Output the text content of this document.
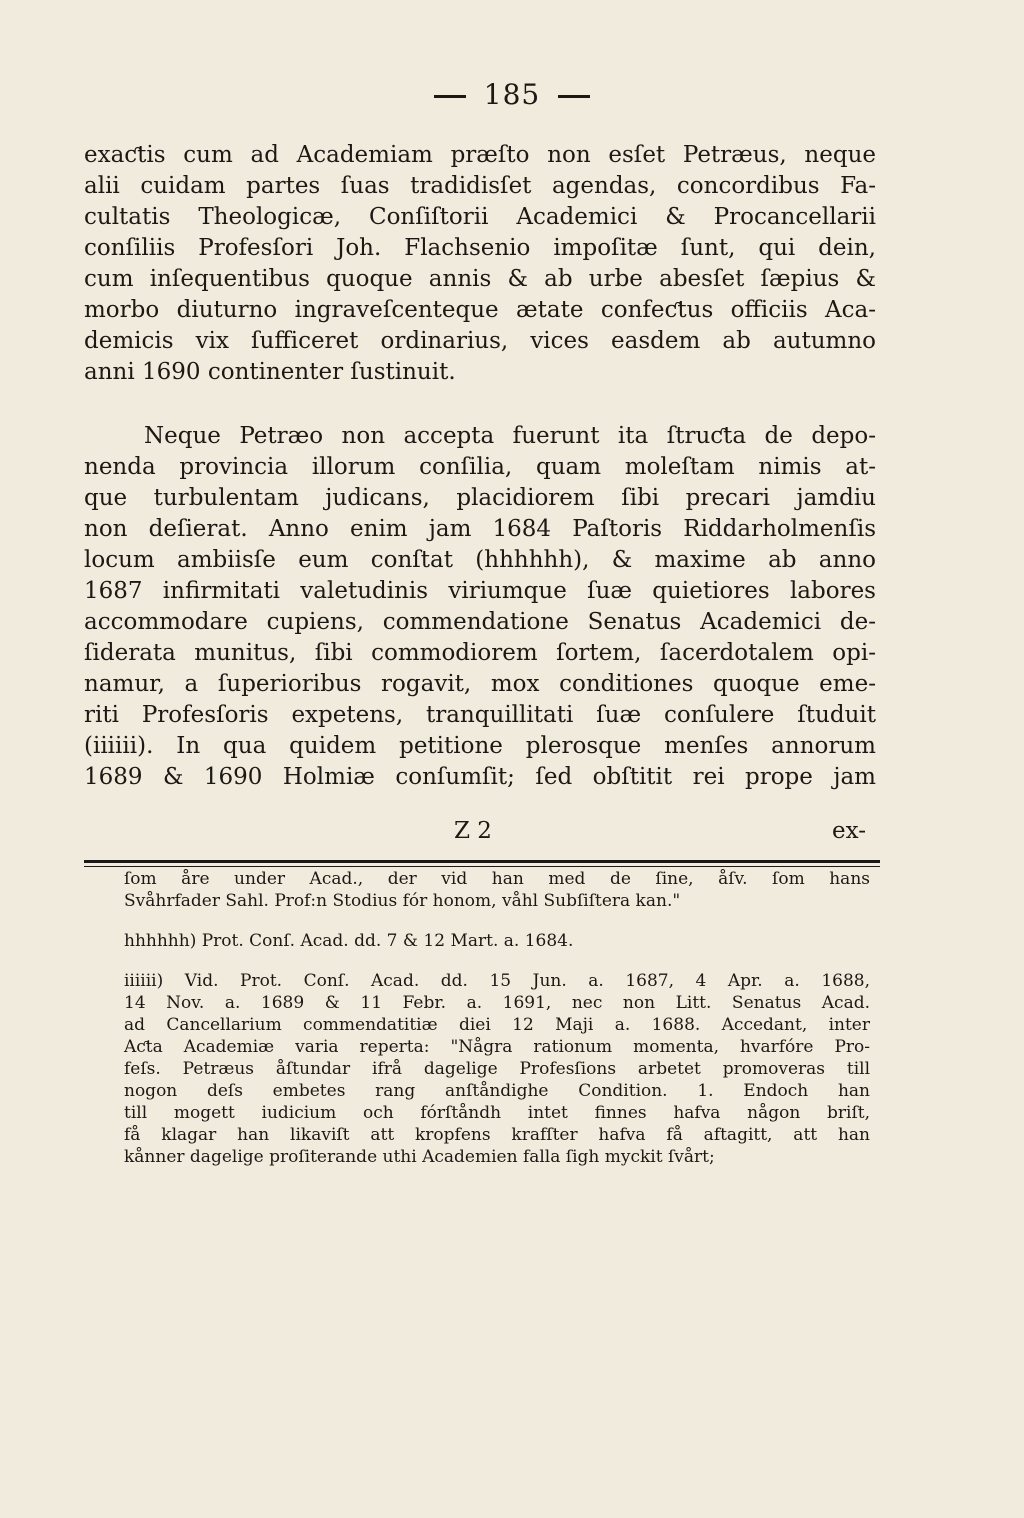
185
exaƈtis cum ad Academiam præſto non esſet Petræus, neque
alii cuidam partes ſuas tradidisſet agendas, concordibus Fa-
cultatis Theologicæ, Conſiſtorii Academici & Procancellarii
conſiliis Profesſori Joh. Flachsenio impoſitæ ſunt, qui dein,
cum inſequentibus quoque annis & ab urbe abesſet ſæpius &
morbo diuturno ingraveſcenteque ætate confeƈtus officiis Aca-
demicis vix ſufficeret ordinarius, vices easdem ab autumno
anni 1690 continenter ſustinuit.
Neque Petræo non accepta fuerunt ita ſtruƈta de depo-
nenda provincia illorum conſilia, quam moleſtam nimis at-
que turbulentam judicans, placidiorem ſibi precari jamdiu
non deſierat. Anno enim jam 1684 Paſtoris Riddarholmenſis
locum ambiisſe eum conſtat (hhhhhh), & maxime ab anno
1687 infirmitati valetudinis viriumque ſuæ quietiores labores
accommodare cupiens, commendatione Senatus Academici de-
ſiderata munitus, ſibi commodiorem ſortem, ſacerdotalem opi-
namur, a ſuperioribus rogavit, mox conditiones quoque eme-
riti Profesſoris expetens, tranquillitati ſuæ conſulere ſtuduit
(iiiiii). In qua quidem petitione plerosque menſes annorum
1689 & 1690 Holmiæ conſumſit; ſed obſtitit rei prope jam
Z 2	ex-
ſom åre under Acad., der vid han med de ſine, åſv. ſom hans
Svåhrfader Sahl. Prof:n Stodius fór honom, våhl Subſiſtera kan."
hhhhhh) Prot. Conſ. Acad. dd. 7 & 12 Mart. a. 1684.
iiiiii) Vid. Prot. Conſ. Acad. dd. 15 Jun. a. 1687, 4 Apr. a. 1688,
14 Nov. a. 1689 & 11 Febr. a. 1691, nec non Litt. Senatus Acad.
ad Cancellarium commendatitiæ diei 12 Maji a. 1688. Accedant, inter
Aƈta Academiæ varia reperta: "Några rationum momenta, hvarfóre Pro-
feſs. Petræus åſtundar ifrå dagelige Profesſions arbetet promoveras till
nogon deſs embetes rang anſtåndighe Condition. 1. Endoch han
till mogett iudicium och fórſtåndh intet finnes hafva någon briſt,
få klagar han likaviſt att kropfens krafſter hafva få aftagitt, att han
kånner dagelige proſiterande uthi Academien falla ſigh myckit ſvårt;
